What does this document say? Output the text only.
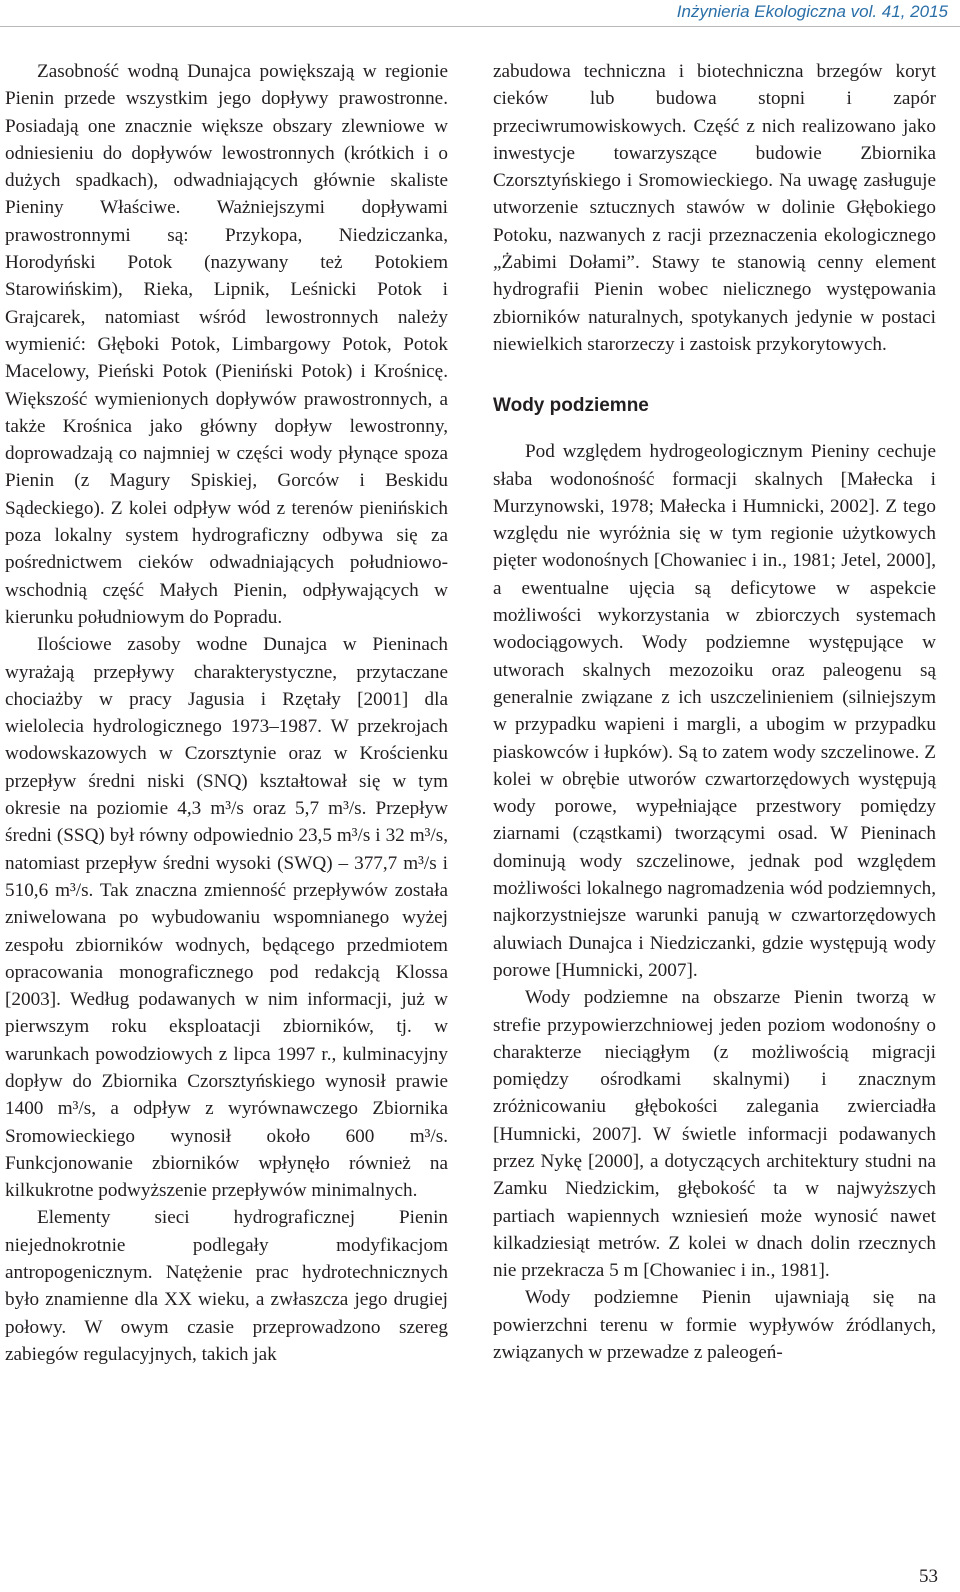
Inżynieria Ekologiczna vol. 41, 2015

Zasobność wodną Dunajca powiększają w regionie Pienin przede wszystkim jego dopływy prawostronne. Posiadają one znacznie większe obszary zlewniowe w odniesieniu do dopływów lewostronnych (krótkich i o dużych spadkach), odwadniających głównie skaliste Pieniny Właściwe. Ważniejszymi dopływami prawostronnymi są: Przykopa, Niedziczanka, Horodyński Potok (nazywany też Potokiem Starowińskim), Rieka, Lipnik, Leśnicki Potok i Grajcarek, natomiast wśród lewostronnych należy wymienić: Głęboki Potok, Limbargowy Potok, Potok Macelowy, Pieński Potok (Pieniński Potok) i Krośnicę. Większość wymienionych dopływów prawostronnych, a także Krośnica jako główny dopływ lewostronny, doprowadzają co najmniej w części wody płynące spoza Pienin (z Magury Spiskiej, Gorców i Beskidu Sądeckiego). Z kolei odpływ wód z terenów pienińskich poza lokalny system hydrograficzny odbywa się za pośrednictwem cieków odwadniających południowo-wschodnią część Małych Pienin, odpływających w kierunku południowym do Popradu.

Ilościowe zasoby wodne Dunajca w Pieninach wyrażają przepływy charakterystyczne, przytaczane chociażby w pracy Jagusia i Rzętały [2001] dla wielolecia hydrologicznego 1973–1987. W przekrojach wodowskazowych w Czorsztynie oraz w Krościenku przepływ średni niski (SNQ) kształtował się w tym okresie na poziomie 4,3 m³/s oraz 5,7 m³/s. Przepływ średni (SSQ) był równy odpowiednio 23,5 m³/s i 32 m³/s, natomiast przepływ średni wysoki (SWQ) – 377,7 m³/s i 510,6 m³/s. Tak znaczna zmienność przepływów została zniwelowana po wybudowaniu wspomnianego wyżej zespołu zbiorników wodnych, będącego przedmiotem opracowania monograficznego pod redakcją Klossa [2003]. Według podawanych w nim informacji, już w pierwszym roku eksploatacji zbiorników, tj. w warunkach powodziowych z lipca 1997 r., kulminacyjny dopływ do Zbiornika Czorsztyńskiego wynosił prawie 1400 m³/s, a odpływ z wyrównawczego Zbiornika Sromowieckiego wynosił około 600 m³/s. Funkcjonowanie zbiorników wpłynęło również na kilkukrotne podwyższenie przepływów minimalnych.

Elementy sieci hydrograficznej Pienin niejednokrotnie podlegały modyfikacjom antropogenicznym. Natężenie prac hydrotechnicznych było znamienne dla XX wieku, a zwłaszcza jego drugiej połowy. W owym czasie przeprowadzono szereg zabiegów regulacyjnych, takich jak

zabudowa techniczna i biotechniczna brzegów koryt cieków lub budowa stopni i zapór przeciwrumowiskowych. Część z nich realizowano jako inwestycje towarzyszące budowie Zbiornika Czorsztyńskiego i Sromowieckiego. Na uwagę zasługuje utworzenie sztucznych stawów w dolinie Głębokiego Potoku, nazwanych z racji przeznaczenia ekologicznego „Żabimi Dołami”. Stawy te stanowią cenny element hydrografii Pienin wobec nielicznego występowania zbiorników naturalnych, spotykanych jedynie w postaci niewielkich starorzeczy i zastoisk przykorytowych.

Wody podziemne

Pod względem hydrogeologicznym Pieniny cechuje słaba wodonośność formacji skalnych [Małecka i Murzynowski, 1978; Małecka i Humnicki, 2002]. Z tego względu nie wyróżnia się w tym regionie użytkowych pięter wodonośnych [Chowaniec i in., 1981; Jetel, 2000], a ewentualne ujęcia są deficytowe w aspekcie możliwości wykorzystania w zbiorczych systemach wodociągowych. Wody podziemne występujące w utworach skalnych mezozoiku oraz paleogenu są generalnie związane z ich uszczelinieniem (silniejszym w przypadku wapieni i margli, a ubogim w przypadku piaskowców i łupków). Są to zatem wody szczelinowe. Z kolei w obrębie utworów czwartorzędowych występują wody porowe, wypełniające przestwory pomiędzy ziarnami (cząstkami) tworzącymi osad. W Pieninach dominują wody szczelinowe, jednak pod względem możliwości lokalnego nagromadzenia wód podziemnych, najkorzystniejsze warunki panują w czwartorzędowych aluwiach Dunajca i Niedziczanki, gdzie występują wody porowe [Humnicki, 2007].

Wody podziemne na obszarze Pienin tworzą w strefie przypowierzchniowej jeden poziom wodonośny o charakterze nieciągłym (z możliwością migracji pomiędzy ośrodkami skalnymi) i znacznym zróżnicowaniu głębokości zalegania zwierciadła [Humnicki, 2007]. W świetle informacji podawanych przez Nykę [2000], a dotyczących architektury studni na Zamku Niedzickim, głębokość ta w najwyższych partiach wapiennych wzniesień może wynosić nawet kilkadziesiąt metrów. Z kolei w dnach dolin rzecznych nie przekracza 5 m [Chowaniec i in., 1981].

Wody podziemne Pienin ujawniają się na powierzchni terenu w formie wypływów źródlanych, związanych w przewadze z paleogeń-

53
